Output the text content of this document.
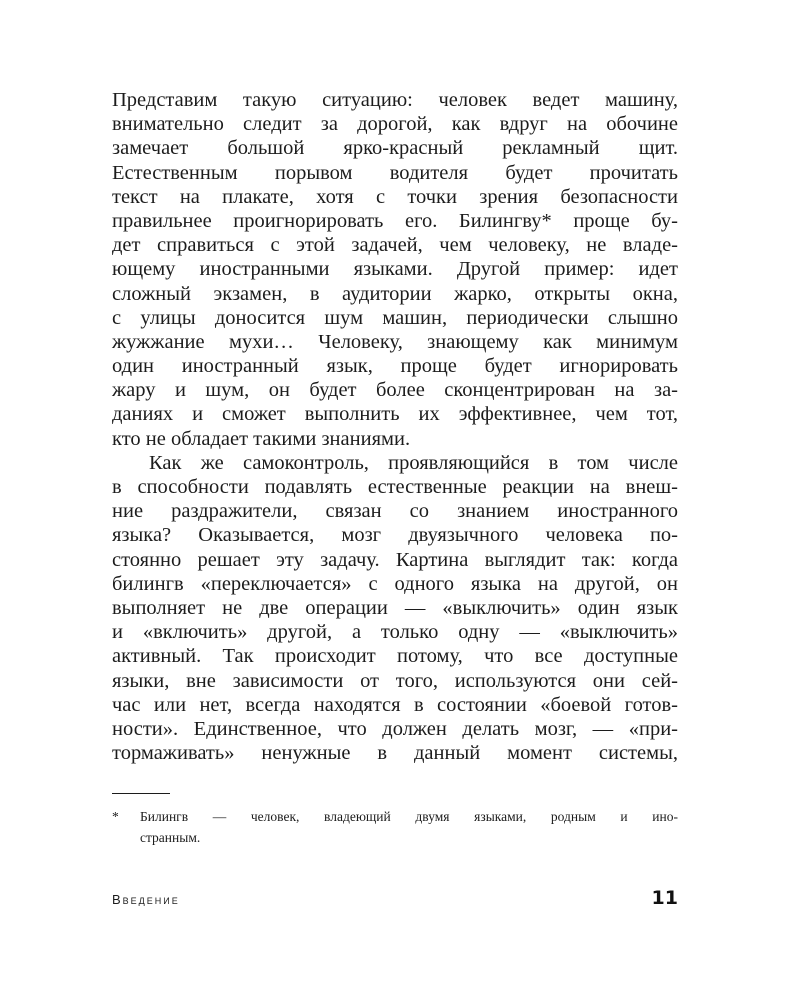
Представим такую ситуацию: человек ведет машину,
внимательно следит за дорогой, как вдруг на обочине
замечает большой ярко-красный рекламный щит.
Естественным порывом водителя будет прочитать
текст на плакате, хотя с точки зрения безопасности
правильнее проигнорировать его. Билингву* проще бу-
дет справиться с этой задачей, чем человеку, не владе-
ющему иностранными языками. Другой пример: идет
сложный экзамен, в аудитории жарко, открыты окна,
с улицы доносится шум машин, периодически слышно
жужжание мухи… Человеку, знающему как минимум
один иностранный язык, проще будет игнорировать
жару и шум, он будет более сконцентрирован на за-
даниях и сможет выполнить их эффективнее, чем тот,
кто не обладает такими знаниями.
Как же самоконтроль, проявляющийся в том числе
в способности подавлять естественные реакции на внеш-
ние раздражители, связан со знанием иностранного
языка? Оказывается, мозг двуязычного человека по-
стоянно решает эту задачу. Картина выглядит так: когда
билингв «переключается» с одного языка на другой, он
выполняет не две операции — «выключить» один язык
и «включить» другой, а только одну — «выключить»
активный. Так происходит потому, что все доступные
языки, вне зависимости от того, используются они сей-
час или нет, всегда находятся в состоянии «боевой готов-
ности». Единственное, что должен делать мозг, — «при-
тормаживать» ненужные в данный момент системы,
* Билингв — человек, владеющий двумя языками, родным и ино-
странным.
Введение	11
